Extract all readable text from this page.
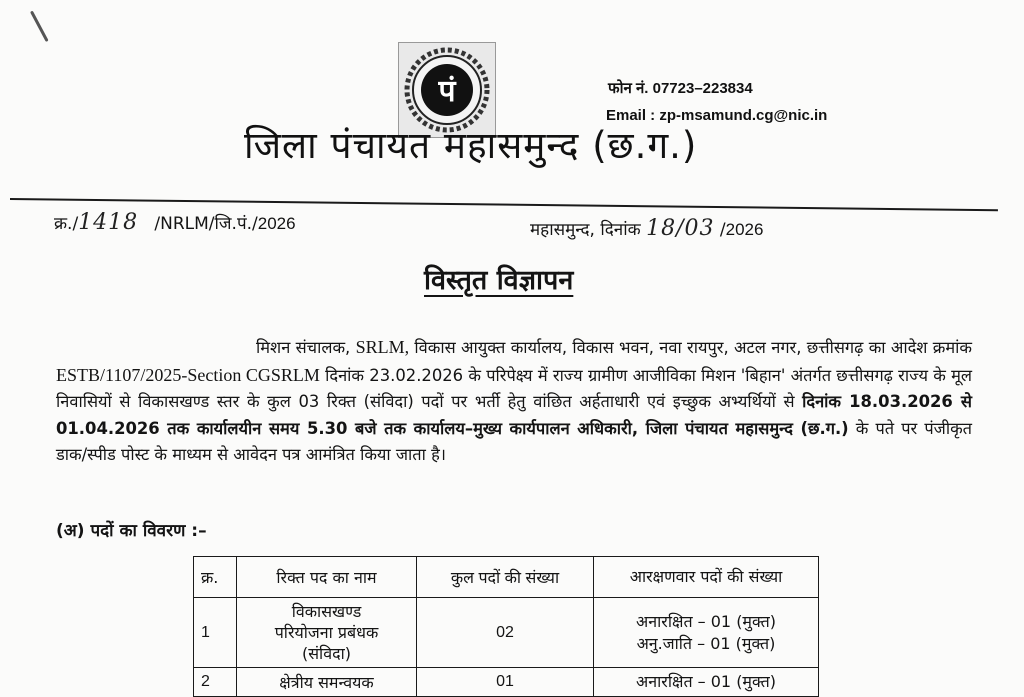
पं	फोन नं. 07723–223834
Email : zp-msamund.cg@nic.in
जिला पंचायत महासमुन्द (छ.ग.)
क्र./1418 /NRLM/जि.पं./2026	महासमुन्द, दिनांक 18/03 /2026
विस्तृत विज्ञापन

मिशन संचालक, SRLM, विकास आयुक्त कार्यालय, विकास भवन, नवा रायपुर, अटल नगर, छत्तीसगढ़ का आदेश क्रमांक ESTB/1107/2025-Section CGSRLM दिनांक 23.02.2026 के परिपेक्ष्य में राज्य ग्रामीण आजीविका मिशन 'बिहान' अंतर्गत छत्तीसगढ़ राज्य के मूल निवासियों से विकासखण्ड स्तर के कुल 03 रिक्त (संविदा) पदों पर भर्ती हेतु वांछित अर्हताधारी एवं इच्छुक अभ्यर्थियों से दिनांक 18.03.2026 से 01.04.2026 तक कार्यालयीन समय 5.30 बजे तक कार्यालय–मुख्य कार्यपालन अधिकारी, जिला पंचायत महासमुन्द (छ.ग.) के पते पर पंजीकृत डाक/स्पीड पोस्ट के माध्यम से आवेदन पत्र आमंत्रित किया जाता है।

(अ) पदों का विवरण :–
क्र.	रिक्त पद का नाम	कुल पदों की संख्या	आरक्षणवार पदों की संख्या
1	विकासखण्ड
परियोजना प्रबंधक
(संविदा)	02	अनारक्षित – 01 (मुक्त)
अनु.जाति – 01 (मुक्त)

2	क्षेत्रीय समन्वयक	01	अनारक्षित – 01 (मुक्त)
